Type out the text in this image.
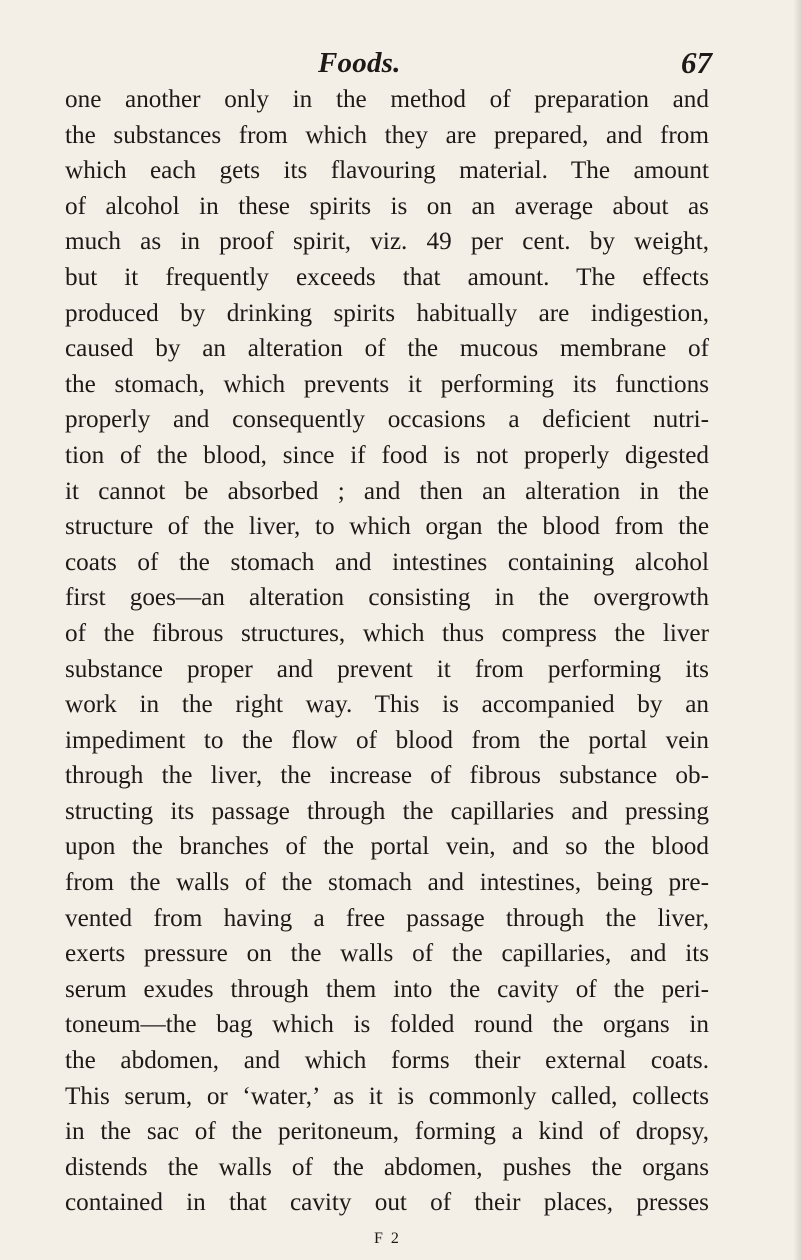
Foods.	67
one another only in the method of preparation and
the substances from which they are prepared, and from
which each gets its flavouring material. The amount
of alcohol in these spirits is on an average about as
much as in proof spirit, viz. 49 per cent. by weight,
but it frequently exceeds that amount. The effects
produced by drinking spirits habitually are indigestion,
caused by an alteration of the mucous membrane of
the stomach, which prevents it performing its functions
properly and consequently occasions a deficient nutri-
tion of the blood, since if food is not properly digested
it cannot be absorbed ; and then an alteration in the
structure of the liver, to which organ the blood from the
coats of the stomach and intestines containing alcohol
first goes—an alteration consisting in the overgrowth
of the fibrous structures, which thus compress the liver
substance proper and prevent it from performing its
work in the right way. This is accompanied by an
impediment to the flow of blood from the portal vein
through the liver, the increase of fibrous substance ob-
structing its passage through the capillaries and pressing
upon the branches of the portal vein, and so the blood
from the walls of the stomach and intestines, being pre-
vented from having a free passage through the liver,
exerts pressure on the walls of the capillaries, and its
serum exudes through them into the cavity of the peri-
toneum—the bag which is folded round the organs in
the abdomen, and which forms their external coats.
This serum, or ‘water,’ as it is commonly called, collects
in the sac of the peritoneum, forming a kind of dropsy,
distends the walls of the abdomen, pushes the organs
contained in that cavity out of their places, presses
F 2
